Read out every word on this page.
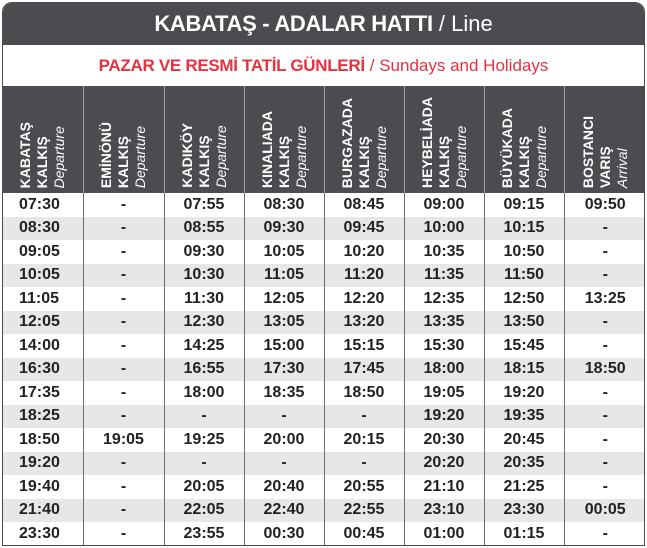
KABATAŞ - ADALAR HATTI / Line
PAZAR VE RESMİ TATİL GÜNLERİ / Sundays and Holidays
KABATAŞ KALKIŞ Departure	EMİNÖNÜ KALKIŞ Departure	KADIKÖY KALKIŞ Departure	KINALIADA KALKIŞ Departure	BURGAZADA KALKIŞ Departure	HEYBELİADA KALKIŞ Departure	BÜYÜKADA KALKIŞ Departure	BOSTANCI VARIŞ Arrival

07:30	-	07:55	08:30	08:45	09:00	09:15	09:50
08:30	-	08:55	09:30	09:45	10:00	10:15	-
09:05	-	09:30	10:05	10:20	10:35	10:50	-
10:05	-	10:30	11:05	11:20	11:35	11:50	-
11:05	-	11:30	12:05	12:20	12:35	12:50	13:25
12:05	-	12:30	13:05	13:20	13:35	13:50	-
14:00	-	14:25	15:00	15:15	15:30	15:45	-
16:30	-	16:55	17:30	17:45	18:00	18:15	18:50
17:35	-	18:00	18:35	18:50	19:05	19:20	-
18:25	-	-	-	-	19:20	19:35	-
18:50	19:05	19:25	20:00	20:15	20:30	20:45	-
19:20	-	-	-	-	20:20	20:35	-
19:40	-	20:05	20:40	20:55	21:10	21:25	-
21:40	-	22:05	22:40	22:55	23:10	23:30	00:05
23:30	-	23:55	00:30	00:45	01:00	01:15	-
